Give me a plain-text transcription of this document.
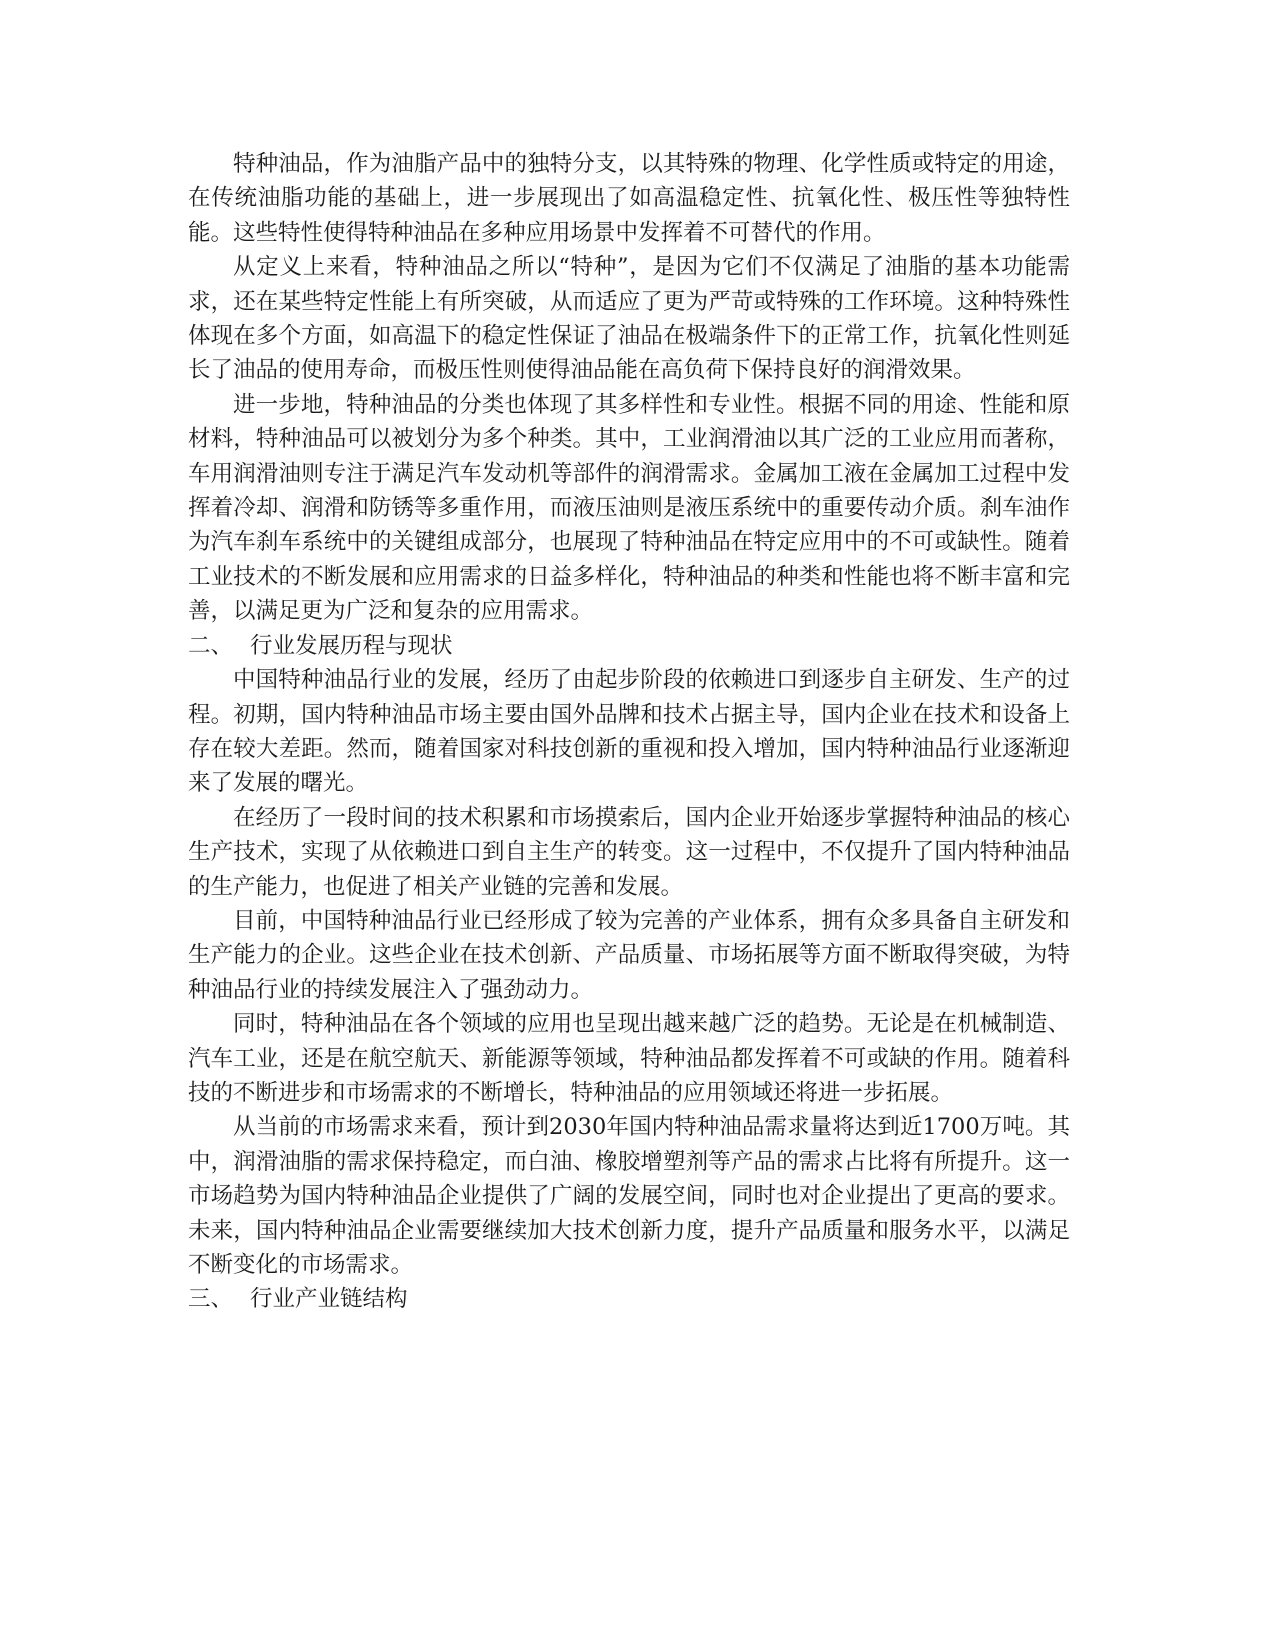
特种油品，作为油脂产品中的独特分支，以其特殊的物理、化学性质或特定的用途，在传统油脂功能的基础上，进一步展现出了如高温稳定性、抗氧化性、极压性等独特性能。这些特性使得特种油品在多种应用场景中发挥着不可替代的作用。

从定义上来看，特种油品之所以“特种”，是因为它们不仅满足了油脂的基本功能需求，还在某些特定性能上有所突破，从而适应了更为严苛或特殊的工作环境。这种特殊性体现在多个方面，如高温下的稳定性保证了油品在极端条件下的正常工作，抗氧化性则延长了油品的使用寿命，而极压性则使得油品能在高负荷下保持良好的润滑效果。

进一步地，特种油品的分类也体现了其多样性和专业性。根据不同的用途、性能和原材料，特种油品可以被划分为多个种类。其中，工业润滑油以其广泛的工业应用而著称，车用润滑油则专注于满足汽车发动机等部件的润滑需求。金属加工液在金属加工过程中发挥着冷却、润滑和防锈等多重作用，而液压油则是液压系统中的重要传动介质。刹车油作为汽车刹车系统中的关键组成部分，也展现了特种油品在特定应用中的不可或缺性。随着工业技术的不断发展和应用需求的日益多样化，特种油品的种类和性能也将不断丰富和完善，以满足更为广泛和复杂的应用需求。

二、 行业发展历程与现状

中国特种油品行业的发展，经历了由起步阶段的依赖进口到逐步自主研发、生产的过程。初期，国内特种油品市场主要由国外品牌和技术占据主导，国内企业在技术和设备上存在较大差距。然而，随着国家对科技创新的重视和投入增加，国内特种油品行业逐渐迎来了发展的曙光。

在经历了一段时间的技术积累和市场摸索后，国内企业开始逐步掌握特种油品的核心生产技术，实现了从依赖进口到自主生产的转变。这一过程中，不仅提升了国内特种油品的生产能力，也促进了相关产业链的完善和发展。

目前，中国特种油品行业已经形成了较为完善的产业体系，拥有众多具备自主研发和生产能力的企业。这些企业在技术创新、产品质量、市场拓展等方面不断取得突破，为特种油品行业的持续发展注入了强劲动力。

同时，特种油品在各个领域的应用也呈现出越来越广泛的趋势。无论是在机械制造、汽车工业，还是在航空航天、新能源等领域，特种油品都发挥着不可或缺的作用。随着科技的不断进步和市场需求的不断增长，特种油品的应用领域还将进一步拓展。

从当前的市场需求来看，预计到2030年国内特种油品需求量将达到近1700万吨。其中，润滑油脂的需求保持稳定，而白油、橡胶增塑剂等产品的需求占比将有所提升。这一市场趋势为国内特种油品企业提供了广阔的发展空间，同时也对企业提出了更高的要求。未来，国内特种油品企业需要继续加大技术创新力度，提升产品质量和服务水平，以满足不断变化的市场需求。

三、 行业产业链结构
